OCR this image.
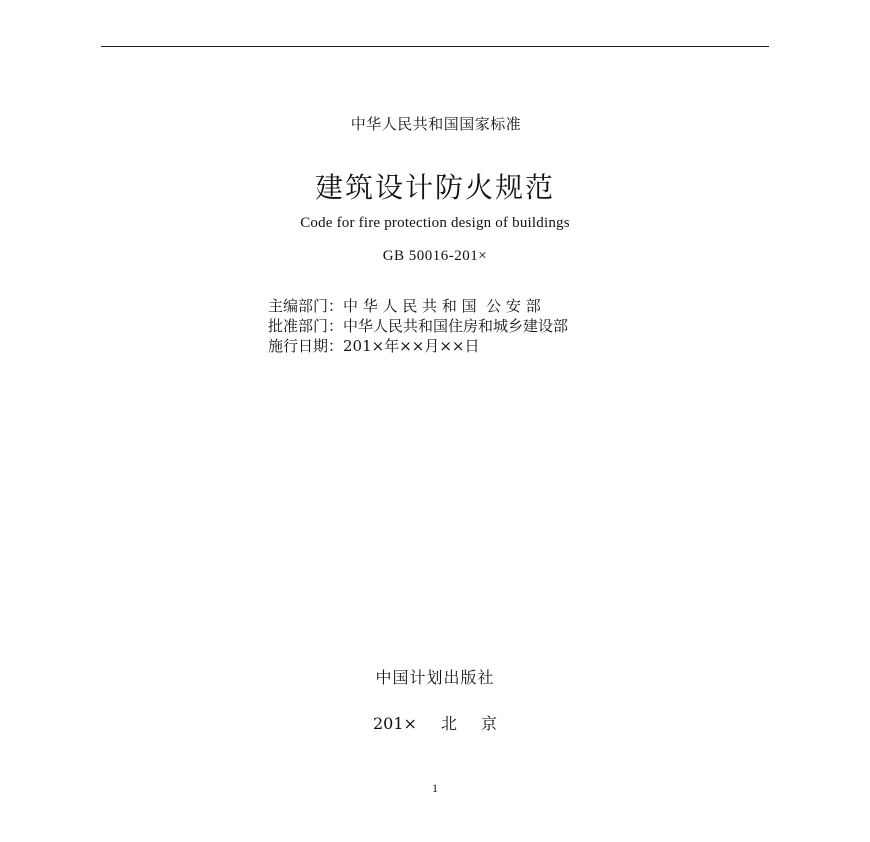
中华人民共和国国家标准
建筑设计防火规范
Code for fire protection design of buildings
GB 50016-201×
主编部门：中 华 人 民 共 和 国  公 安 部
批准部门：中华人民共和国住房和城乡建设部
施行日期：201×年××月××日
中国计划出版社
201× 北 京
1
